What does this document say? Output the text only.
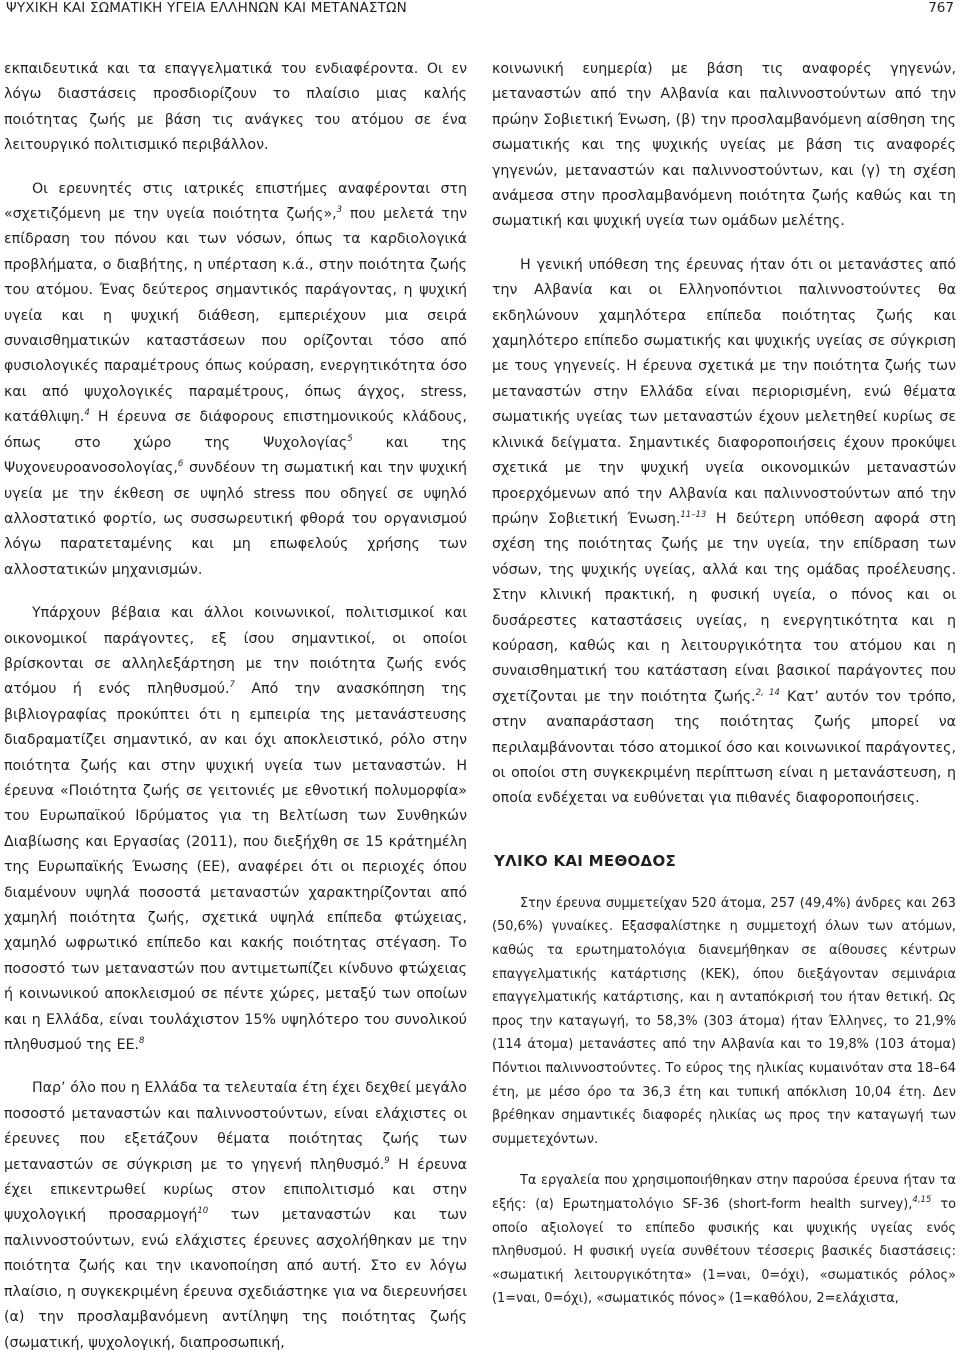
ΨΥΧΙΚΗ ΚΑΙ ΣΩΜΑΤΙΚΗ ΥΓΕΙΑ ΕΛΛΗΝΩΝ ΚΑΙ ΜΕΤΑΝΑΣΤΩΝ	767

εκπαιδευτικά και τα επαγγελματικά του ενδιαφέροντα. Οι εν λόγω διαστάσεις προσδιορίζουν το πλαίσιο μιας καλής ποιότητας ζωής με βάση τις ανάγκες του ατόμου σε ένα λειτουργικό πολιτισμικό περιβάλλον.

Οι ερευνητές στις ιατρικές επιστήμες αναφέρονται στη «σχετιζόμενη με την υγεία ποιότητα ζωής»,$^3$ που μελετά την επίδραση του πόνου και των νόσων, όπως τα καρδιολογικά προβλήματα, ο διαβήτης, η υπέρταση κ.ά., στην ποιότητα ζωής του ατόμου. Ένας δεύτερος σημαντικός παράγοντας, η ψυχική υγεία και η ψυχική διάθεση, εμπεριέχουν μια σειρά συναισθηματικών καταστάσεων που ορίζονται τόσο από φυσιολογικές παραμέτρους όπως κούραση, ενεργητικότητα όσο και από ψυχολογικές παραμέτρους, όπως άγχος, stress, κατάθλιψη.$^4$ Η έρευνα σε διάφορους επιστημονικούς κλάδους, όπως στο χώρο της Ψυχολογίας$^5$ και της Ψυχονευροανοσολογίας,$^6$ συνδέουν τη σωματική και την ψυχική υγεία με την έκθεση σε υψηλό stress που οδηγεί σε υψηλό αλλοστατικό φορτίο, ως συσσωρευτική φθορά του οργανισμού λόγω παρατεταμένης και μη επωφελούς χρήσης των αλλοστατικών μηχανισμών.

Υπάρχουν βέβαια και άλλοι κοινωνικοί, πολιτισμικοί και οικονομικοί παράγοντες, εξ ίσου σημαντικοί, οι οποίοι βρίσκονται σε αλληλεξάρτηση με την ποιότητα ζωής ενός ατόμου ή ενός πληθυσμού.$^7$ Από την ανασκόπηση της βιβλιογραφίας προκύπτει ότι η εμπειρία της μετανάστευσης διαδραματίζει σημαντικό, αν και όχι αποκλειστικό, ρόλο στην ποιότητα ζωής και στην ψυχική υγεία των μεταναστών. Η έρευνα «Ποιότητα ζωής σε γειτονιές με εθνοτική πολυμορφία» του Ευρωπαϊκού Ιδρύματος για τη Βελτίωση των Συνθηκών Διαβίωσης και Εργασίας (2011), που διεξήχθη σε 15 κράτημέλη της Ευρωπαϊκής Ένωσης (ΕΕ), αναφέρει ότι οι περιοχές όπου διαμένουν υψηλά ποσοστά μεταναστών χαρακτηρίζονται από χαμηλή ποιότητα ζωής, σχετικά υψηλά επίπεδα φτώχειας, χαμηλό ωφρωτικό επίπεδο και κακής ποιότητας στέγαση. Το ποσοστό των μεταναστών που αντιμετωπίζει κίνδυνο φτώχειας ή κοινωνικού αποκλεισμού σε πέντε χώρες, μεταξύ των οποίων και η Ελλάδα, είναι τουλάχιστον 15% υψηλότερο του συνολικού πληθυσμού της ΕΕ.$^8$

Παρ’ όλο που η Ελλάδα τα τελευταία έτη έχει δεχθεί μεγάλο ποσοστό μεταναστών και παλιννοστούντων, είναι ελάχιστες οι έρευνες που εξετάζουν θέματα ποιότητας ζωής των μεταναστών σε σύγκριση με το γηγενή πληθυσμό.$^9$ Η έρευνα έχει επικεντρωθεί κυρίως στον επιπολιτισμό και στην ψυχολογική προσαρμογή$^{10}$ των μεταναστών και των παλιννοστούντων, ενώ ελάχιστες έρευνες ασχολήθηκαν με την ποιότητα ζωής και την ικανοποίηση από αυτή. Στο εν λόγω πλαίσιο, η συγκεκριμένη έρευνα σχεδιάστηκε για να διερευνήσει (α) την προσλαμβανόμενη αντίληψη της ποιότητας ζωής (σωματική, ψυχολογική, διαπροσωπική,

κοινωνική ευημερία) με βάση τις αναφορές γηγενών, μεταναστών από την Αλβανία και παλιννοστούντων από την πρώην Σοβιετική Ένωση, (β) την προσλαμβανόμενη αίσθηση της σωματικής και της ψυχικής υγείας με βάση τις αναφορές γηγενών, μεταναστών και παλιννοστούντων, και (γ) τη σχέση ανάμεσα στην προσλαμβανόμενη ποιότητα ζωής καθώς και τη σωματική και ψυχική υγεία των ομάδων μελέτης.

Η γενική υπόθεση της έρευνας ήταν ότι οι μετανάστες από την Αλβανία και οι Ελληνοπόντιοι παλιννοστούντες θα εκδηλώνουν χαμηλότερα επίπεδα ποιότητας ζωής και χαμηλότερο επίπεδο σωματικής και ψυχικής υγείας σε σύγκριση με τους γηγενείς. Η έρευνα σχετικά με την ποιότητα ζωής των μεταναστών στην Ελλάδα είναι περιορισμένη, ενώ θέματα σωματικής υγείας των μεταναστών έχουν μελετηθεί κυρίως σε κλινικά δείγματα. Σημαντικές διαφοροποιήσεις έχουν προκύψει σχετικά με την ψυχική υγεία οικονομικών μεταναστών προερχόμενων από την Αλβανία και παλιννοστούντων από την πρώην Σοβιετική Ένωση.$^{11-13}$ Η δεύτερη υπόθεση αφορά στη σχέση της ποιότητας ζωής με την υγεία, την επίδραση των νόσων, της ψυχικής υγείας, αλλά και της ομάδας προέλευσης. Στην κλινική πρακτική, η φυσική υγεία, ο πόνος και οι δυσάρεστες καταστάσεις υγείας, η ενεργητικότητα και η κούραση, καθώς και η λειτουργικότητα του ατόμου και η συναισθηματική του κατάσταση είναι βασικοί παράγοντες που σχετίζονται με την ποιότητα ζωής.$^{2, 14}$ Κατ’ αυτόν τον τρόπο, στην αναπαράσταση της ποιότητας ζωής μπορεί να περιλαμβάνονται τόσο ατομικοί όσο και κοινωνικοί παράγοντες, οι οποίοι στη συγκεκριμένη περίπτωση είναι η μετανάστευση, η οποία ενδέχεται να ευθύνεται για πιθανές διαφοροποιήσεις.

ΥΛΙΚΟ ΚΑΙ ΜΕΘΟΔΟΣ

Στην έρευνα συμμετείχαν 520 άτομα, 257 (49,4%) άνδρες και 263 (50,6%) γυναίκες. Εξασφαλίστηκε η συμμετοχή όλων των ατόμων, καθώς τα ερωτηματολόγια διανεμήθηκαν σε αίθουσες κέντρων επαγγελματικής κατάρτισης (ΚΕΚ), όπου διεξάγονταν σεμινάρια επαγγελματικής κατάρτισης, και η ανταπόκρισή του ήταν θετική. Ως προς την καταγωγή, το 58,3% (303 άτομα) ήταν Έλληνες, το 21,9% (114 άτομα) μετανάστες από την Αλβανία και το 19,8% (103 άτομα) Πόντιοι παλιννοστούντες. Το εύρος της ηλικίας κυμαινόταν στα 18–64 έτη, με μέσο όρο τα 36,3 έτη και τυπική απόκλιση 10,04 έτη. Δεν βρέθηκαν σημαντικές διαφορές ηλικίας ως προς την καταγωγή των συμμετεχόντων.

Τα εργαλεία που χρησιμοποιήθηκαν στην παρούσα έρευνα ήταν τα εξής: (α) Ερωτηματολόγιο SF-36 (short-form health survey),$^{4,15}$ το οποίο αξιολογεί το επίπεδο φυσικής και ψυχικής υγείας ενός πληθυσμού. Η φυσική υγεία συνθέτουν τέσσερις βασικές διαστάσεις: «σωματική λειτουργικότητα» (1=ναι, 0=όχι), «σωματικός ρόλος» (1=ναι, 0=όχι), «σωματικός πόνος» (1=καθόλου, 2=ελάχιστα,
